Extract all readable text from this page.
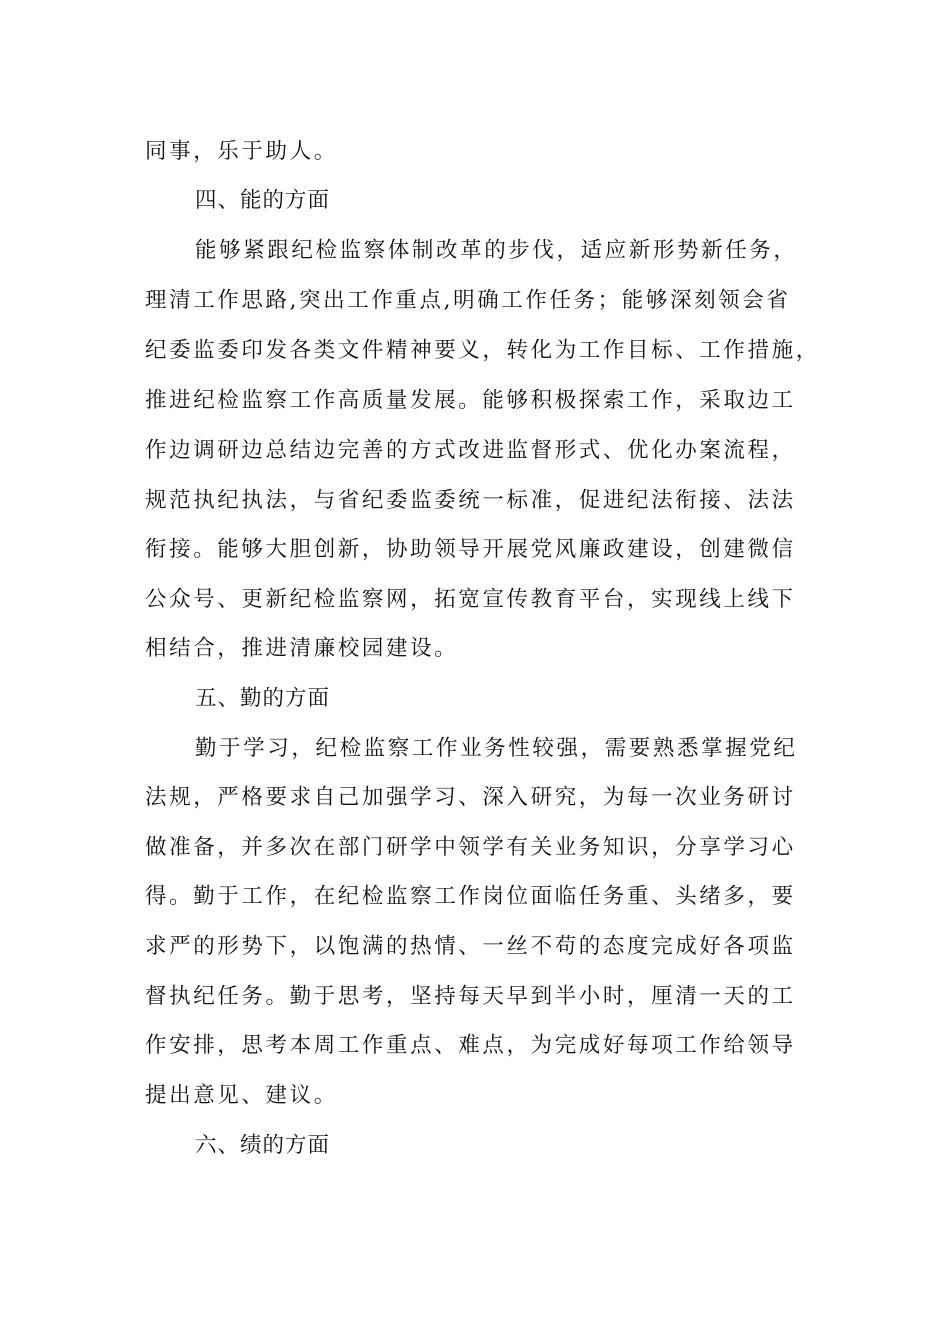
同事，乐于助人。
四、能的方面
能够紧跟纪检监察体制改革的步伐，适应新形势新任务，
理清工作思路,突出工作重点,明确工作任务；能够深刻领会省
纪委监委印发各类文件精神要义，转化为工作目标、工作措施，
推进纪检监察工作高质量发展。能够积极探索工作，采取边工
作边调研边总结边完善的方式改进监督形式、优化办案流程，
规范执纪执法，与省纪委监委统一标准，促进纪法衔接、法法
衔接。能够大胆创新，协助领导开展党风廉政建设，创建微信
公众号、更新纪检监察网，拓宽宣传教育平台，实现线上线下
相结合，推进清廉校园建设。
五、勤的方面
勤于学习，纪检监察工作业务性较强，需要熟悉掌握党纪
法规，严格要求自己加强学习、深入研究，为每一次业务研讨
做准备，并多次在部门研学中领学有关业务知识，分享学习心
得。勤于工作，在纪检监察工作岗位面临任务重、头绪多，要
求严的形势下，以饱满的热情、一丝不苟的态度完成好各项监
督执纪任务。勤于思考，坚持每天早到半小时，厘清一天的工
作安排，思考本周工作重点、难点，为完成好每项工作给领导
提出意见、建议。
六、绩的方面
